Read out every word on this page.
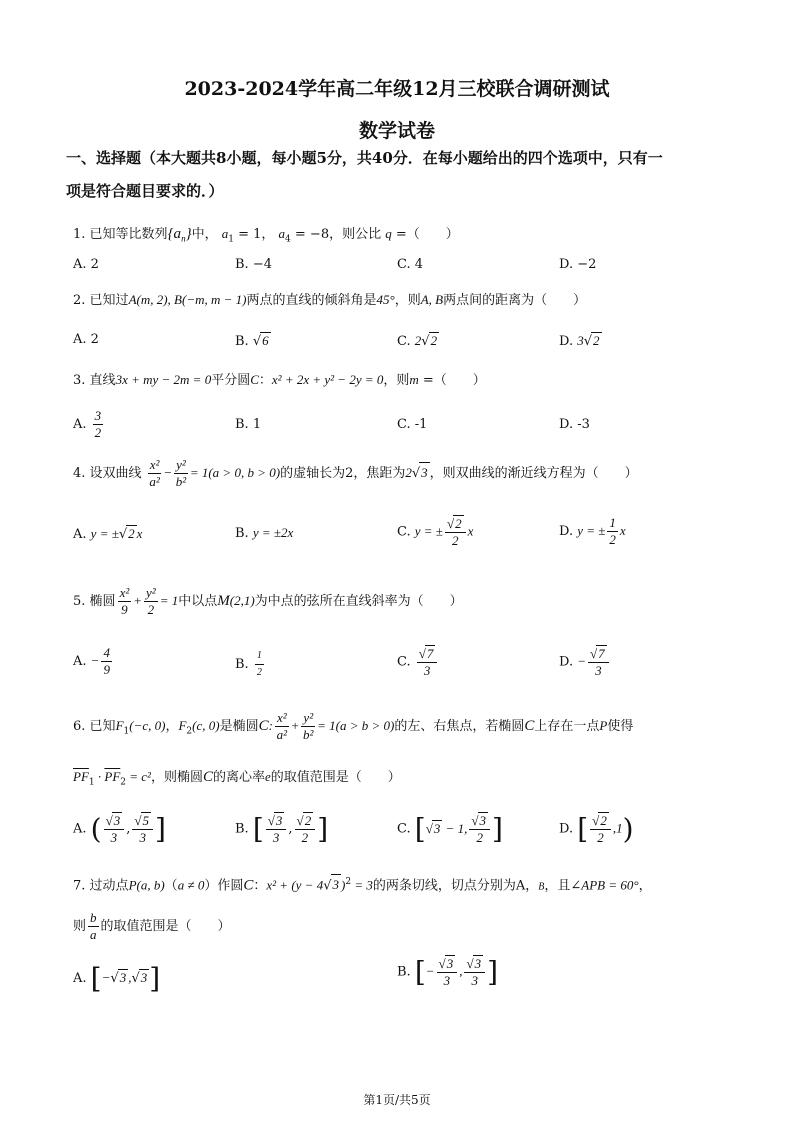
2023-2024学年高二年级12月三校联合调研测试
数学试卷
一、选择题（本大题共8小题，每小题5分，共40分．在每小题给出的四个选项中，只有一
项是符合题目要求的．）
1. 已知等比数列$\{a_n\}$中， $a_1 = 1$， $a_4 = -8$，则公比 q =（　　）
A. 2	B. −4	C. 4	D. −2
2. 已知过A(m, 2), B(−m, m − 1)两点的直线的倾斜角是45°，则A, B两点间的距离为（　　）
A. 2	B. √6	C. 2√2	D. 3√2
3. 直线3x + my − 2m = 0平分圆C：x² + 2x + y² − 2y = 0，则m =（　　）
A. $\frac{3}{2}$	B. 1	C. -1	D. -3
4. 设双曲线 $\frac{\text{x²}}{\text{a²}} - \frac{\text{y²}}{\text{b²}} = 1(a > 0$, b > 0)的虚轴长为2，焦距为2√3 ，则双曲线的渐近线方程为（　　）
A. y = ±√2 x	B. y = ±2x	C. y = ± $\frac{√2}{2}$ x	D. y = ± $\frac{1}{2}$ x
5. 椭圆 $\frac{\text{x²}}{9} + \frac{\text{y²}}{2} = 1$中以点M(2,1)为中点的弦所在直线斜率为（　　）
A. − $\frac{4}{9}$	B. $\frac{1}{2}$	C. $\frac{√7}{3}$	D. − $\frac{√7}{3}$
6. 已知$F_1(-c$, 0)，$F_2(c$, 0)是椭圆C: $\frac{\text{x²}}{\text{a²}} + \frac{\text{y²}}{\text{b²}} = 1(a > b > 0)$的左、右焦点，若椭圆C上存在一点P使得
$\overline{PF}_1 \cdot \overline{PF}_2 = c^2$，则椭圆C的离心率e的取值范围是（　　）
A. ( $\frac{√3}{3}$ , $\frac{√5}{3}$ ]	B. [ $\frac{√3}{3}$ , $\frac{√2}{2}$ ]	C. [√3 − 1, $\frac{√3}{2}$ ]	D. [ $\frac{√2}{2} ,1$)
7. 过动点P(a, b)（a ≠ 0）作圆C：x² + (y − 4√3 )$^2$ = 3的两条切线，切点分别为A，B，且∠APB = 60°，
则 $\frac{b}{a}$ 的取值范围是（　　）
A. [−√3 ,√3]	B. [− $\frac{√3}{3}$ , $\frac{√3}{3}$ ]
第1页/共5页
